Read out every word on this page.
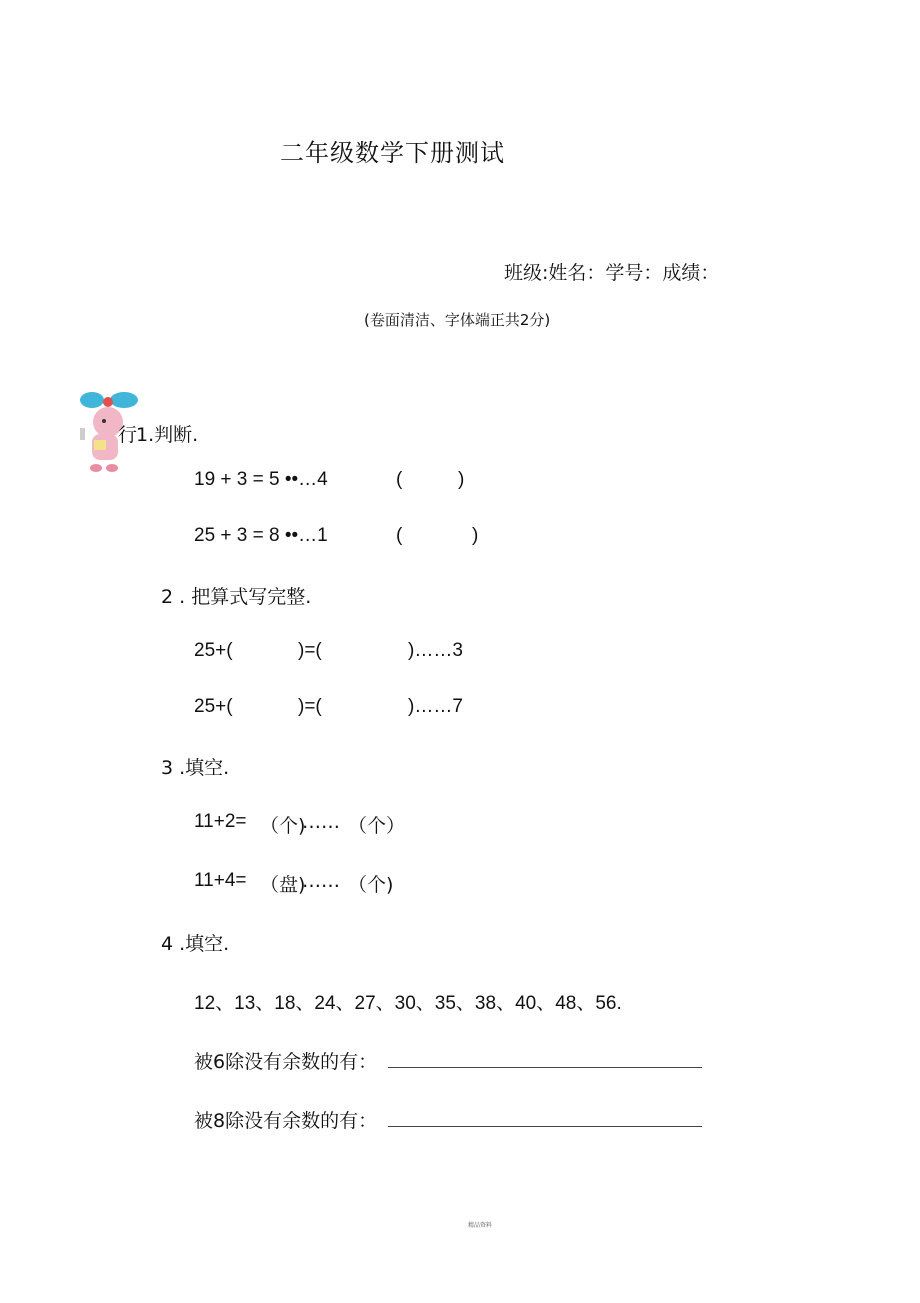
二年级数学下册测试
班级:姓名：学号：成绩：
(卷面清洁、字体端正共2分)
行
1.判断.
19 + 3 = 5 ••…4	(	)
25 + 3 = 8 ••…1	(	)
2 . 把算式写完整.
25+(	)=(	)……3
25+(	)=(	)……7
3 .填空.
11+2= （个)
…… （个）
11+4= （盘)
…… （个)
4 .填空.
12、13、18、24、27、30、35、38、40、48、56.
被6除没有余数的有：
被8除没有余数的有：
精品资料
